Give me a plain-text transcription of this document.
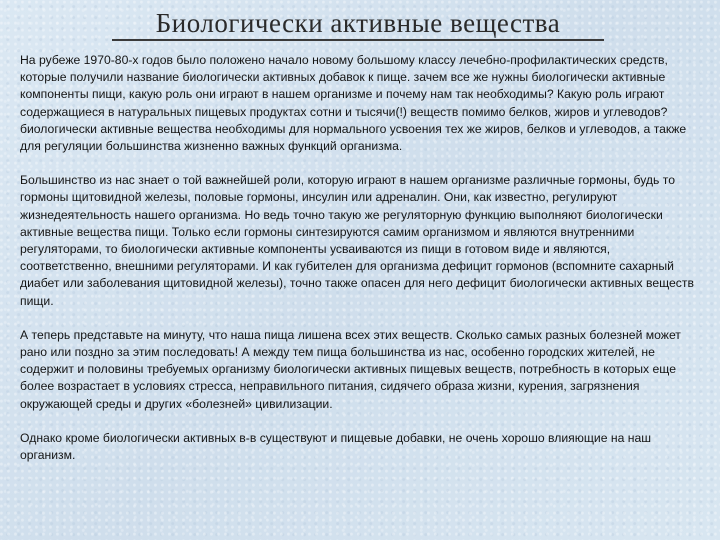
Биологически активные вещества

На рубеже 1970-80-х годов было положено начало новому большому классу лечебно-профилактических средств, которые получили название биологически активных добавок к пище. зачем все же нужны биологически активные компоненты пищи, какую роль они играют в нашем организме и почему нам так необходимы? Какую роль играют содержащиеся в натуральных пищевых продуктах сотни и тысячи(!) веществ помимо белков, жиров и углеводов?

биологически активные вещества необходимы для нормального усвоения тех же жиров, белков и углеводов, а также для регуляции большинства жизненно важных функций организма.

Большинство из нас знает о той важнейшей роли, которую играют в нашем организме различные гормоны, будь то гормоны щитовидной железы, половые гормоны, инсулин или адреналин. Они, как известно, регулируют жизнедеятельность нашего организма. Но ведь точно такую же регуляторную функцию выполняют биологически активные вещества пищи. Только если гормоны синтезируются самим организмом и являются внутренними регуляторами, то биологически активные компоненты усваиваются из пищи в готовом виде и являются, соответственно, внешними регуляторами. И как губителен для организма дефицит гормонов (вспомните сахарный диабет или заболевания щитовидной железы), точно также опасен для него дефицит биологически активных веществ пищи.

А теперь представьте на минуту, что наша пища лишена всех этих веществ. Сколько самых разных болезней может рано или поздно за этим последовать! А между тем пища большинства из нас, особенно городских жителей, не содержит и половины требуемых организму биологически активных пищевых веществ, потребность в которых еще более возрастает в условиях стресса, неправильного питания, сидячего образа жизни, курения, загрязнения окружающей среды и других «болезней» цивилизации.

Однако кроме биологически активных в-в существуют и пищевые добавки, не очень хорошо влияющие на наш организм.
